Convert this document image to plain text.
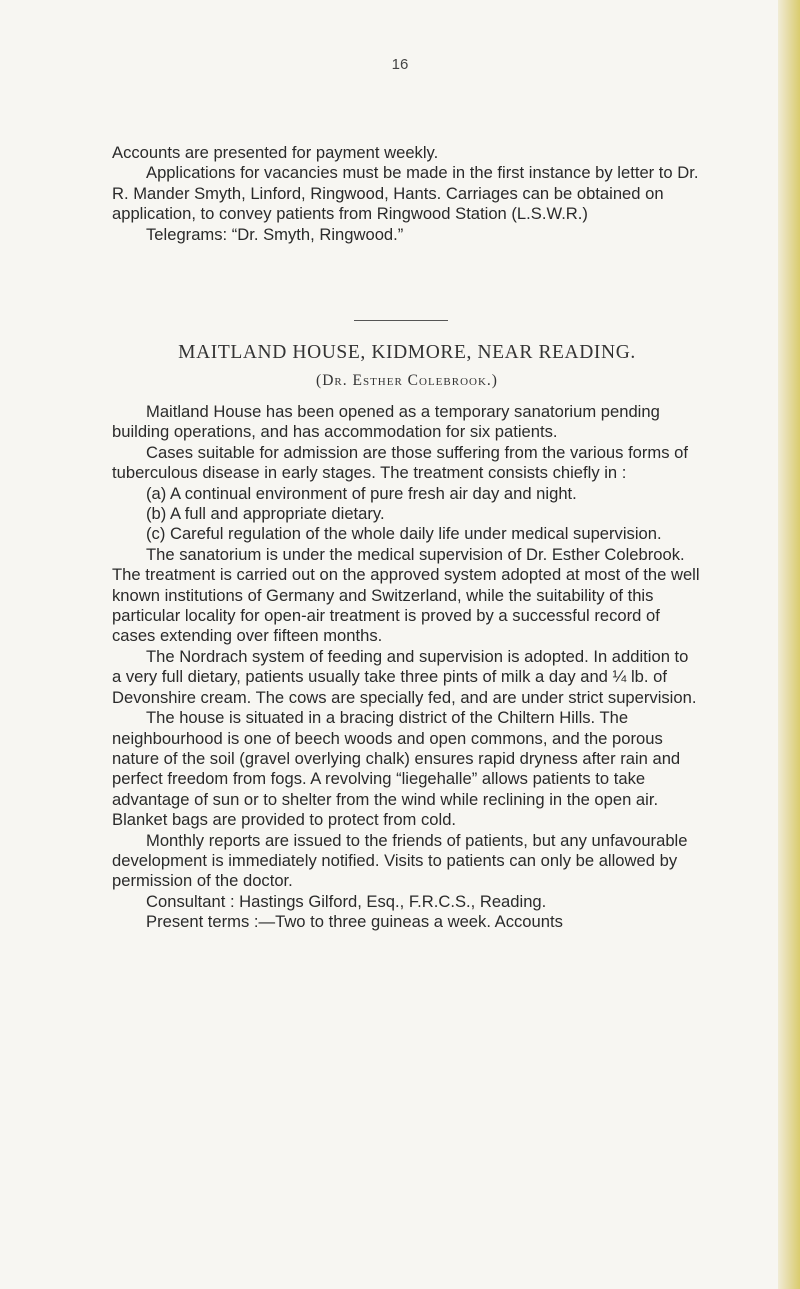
16

Accounts are presented for payment weekly.

Applications for vacancies must be made in the first instance by letter to Dr. R. Mander Smyth, Linford, Ringwood, Hants. Carriages can be obtained on application, to convey patients from Ringwood Station (L.S.W.R.)

Telegrams: “Dr. Smyth, Ringwood.”

MAITLAND HOUSE, KIDMORE, NEAR READING.
(Dr. Esther Colebrook.)

Maitland House has been opened as a temporary sanatorium pending building operations, and has accommodation for six patients.

Cases suitable for admission are those suffering from the various forms of tuberculous disease in early stages. The treatment consists chiefly in :

(a) A continual environment of pure fresh air day and night.

(b) A full and appropriate dietary.

(c) Careful regulation of the whole daily life under medical supervision.

The sanatorium is under the medical supervision of Dr. Esther Colebrook. The treatment is carried out on the approved system adopted at most of the well known institutions of Germany and Switzerland, while the suitability of this particular locality for open-air treatment is proved by a successful record of cases extending over fifteen months.

The Nordrach system of feeding and supervision is adopted. In addition to a very full dietary, patients usually take three pints of milk a day and ¼ lb. of Devonshire cream. The cows are specially fed, and are under strict supervision.

The house is situated in a bracing district of the Chiltern Hills. The neighbourhood is one of beech woods and open commons, and the porous nature of the soil (gravel overlying chalk) ensures rapid dryness after rain and perfect freedom from fogs. A revolving “liegehalle” allows patients to take advantage of sun or to shelter from the wind while reclining in the open air. Blanket bags are provided to protect from cold.

Monthly reports are issued to the friends of patients, but any unfavourable development is immediately notified. Visits to patients can only be allowed by permission of the doctor.

Consultant : Hastings Gilford, Esq., F.R.C.S., Reading.

Present terms :—Two to three guineas a week. Accounts
